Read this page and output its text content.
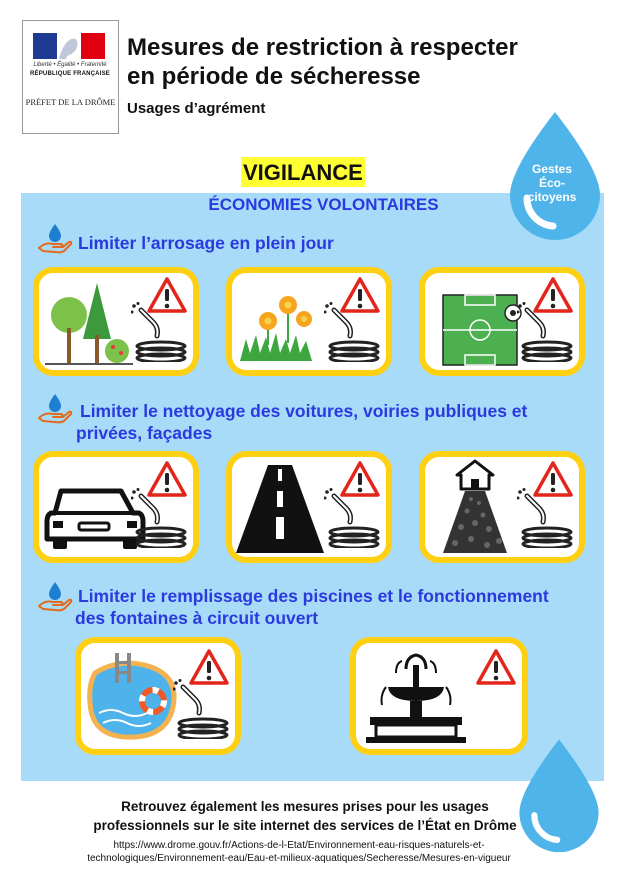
Liberté • Égalité • Fraternité
RÉPUBLIQUE FRANÇAISE
PRÉFET DE LA DRÔME
Mesures de restriction à respecter
en période de sécheresse
Usages d’agrément
Gestes
Éco-
citoyens
VIGILANCE
ÉCONOMIES VOLONTAIRES
Limiter l’arrosage en plein jour
Limiter le nettoyage des voitures, voiries publiques et
privées, façades
Limiter le remplissage des piscines et le fonctionnement
des fontaines à circuit ouvert
Retrouvez également les mesures prises pour les usages
professionnels sur le site internet des services de l’État en Drôme
https://www.drome.gouv.fr/Actions-de-l-Etat/Environnement-eau-risques-naturels-et-
technologiques/Environnement-eau/Eau-et-milieux-aquatiques/Secheresse/Mesures-en-vigueur
